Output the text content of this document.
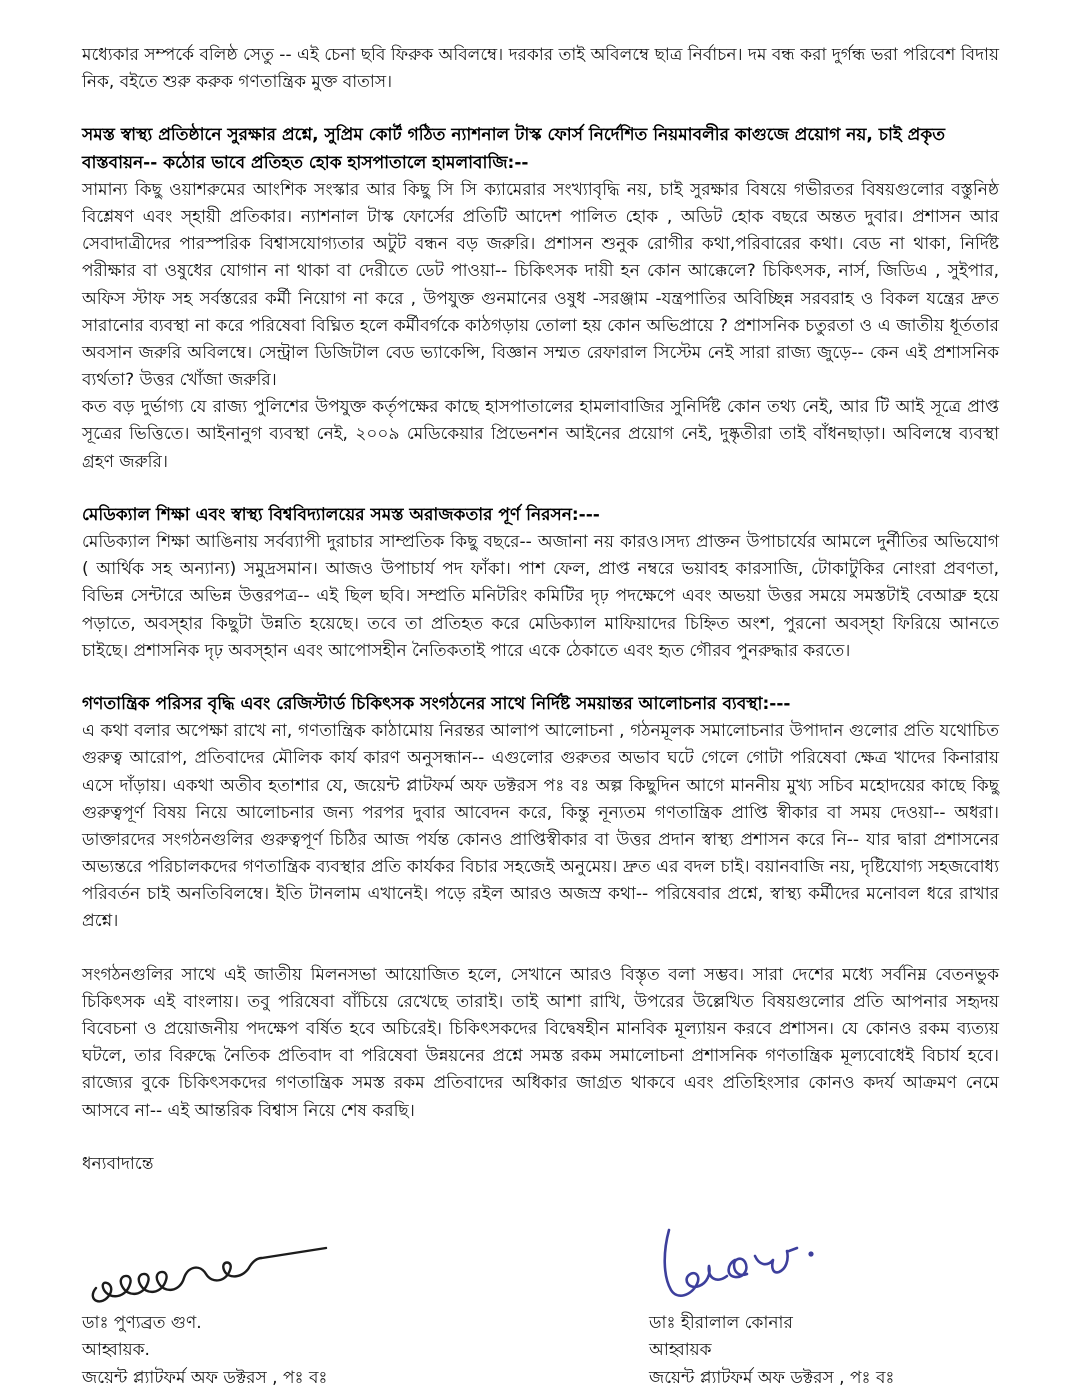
মধ্যেকার সম্পর্কে বলিষ্ঠ সেতু -- এই চেনা ছবি ফিরুক অবিলম্বে। দরকার তাই অবিলম্বে ছাত্র নির্বাচন। দম বন্ধ করা দুর্গন্ধ ভরা পরিবেশ বিদায় নিক, বইতে শুরু করুক গণতান্ত্রিক মুক্ত বাতাস।

সমস্ত স্বাস্থ্য প্রতিষ্ঠানে সুরক্ষার প্রশ্নে, সুপ্রিম কোর্ট গঠিত ন্যাশনাল টাস্ক ফোর্স নির্দেশিত নিয়মাবলীর কাগুজে প্রয়োগ নয়, চাই প্রকৃত বাস্তবায়ন-- কঠোর ভাবে প্রতিহত হোক হাসপাতালে হামলাবাজি:--

সামান্য কিছু ওয়াশরুমের আংশিক সংস্কার আর কিছু সি সি ক্যামেরার সংখ্যাবৃদ্ধি নয়, চাই সুরক্ষার বিষয়ে গভীরতর বিষয়গুলোর বস্তুনিষ্ঠ বিশ্লেষণ এবং স্হায়ী প্রতিকার। ন্যাশনাল টাস্ক ফোর্সের প্রতিটি আদেশ পালিত হোক , অডিট হোক বছরে অন্তত দুবার। প্রশাসন আর সেবাদাত্রীদের পারস্পরিক বিশ্বাসযোগ্যতার অটুট বন্ধন বড় জরুরি। প্রশাসন শুনুক রোগীর কথা,পরিবারের কথা। বেড না থাকা, নির্দিষ্ট পরীক্ষার বা ওষুধের যোগান না থাকা বা দেরীতে ডেট পাওয়া-- চিকিৎসক দায়ী হন কোন আক্কেলে? চিকিৎসক, নার্স, জিডিএ , সুইপার, অফিস স্টাফ সহ সর্বস্তরের কর্মী নিয়োগ না করে , উপযুক্ত গুনমানের ওষুধ -সরঞ্জাম -যন্ত্রপাতির অবিচ্ছিন্ন সরবরাহ ও বিকল যন্ত্রের দ্রুত সারানোর ব্যবস্থা না করে পরিষেবা বিঘ্নিত হলে কর্মীবর্গকে কাঠগড়ায় তোলা হয় কোন অভিপ্রায়ে ? প্রশাসনিক চতুরতা ও এ জাতীয় ধূর্ততার অবসান জরুরি অবিলম্বে। সেন্ট্রাল ডিজিটাল বেড ভ্যাকেন্সি, বিজ্ঞান সম্মত রেফারাল সিস্টেম নেই সারা রাজ্য জুড়ে-- কেন এই প্রশাসনিক ব্যর্থতা? উত্তর খোঁজা জরুরি।

কত বড় দুর্ভাগ্য যে রাজ্য পুলিশের উপযুক্ত কর্তৃপক্ষের কাছে হাসপাতালের হামলাবাজির সুনির্দিষ্ট কোন তথ্য নেই, আর টি আই সূত্রে প্রাপ্ত সূত্রের ভিত্তিতে। আইনানুগ ব্যবস্থা নেই, ২০০৯ মেডিকেয়ার প্রিভেনশন আইনের প্রয়োগ নেই, দুষ্কৃতীরা তাই বাঁধনছাড়া। অবিলম্বে ব্যবস্থা গ্রহণ জরুরি।

মেডিক্যাল শিক্ষা এবং স্বাস্থ্য বিশ্ববিদ্যালয়ের সমস্ত অরাজকতার পূর্ণ নিরসন:---

মেডিক্যাল শিক্ষা আঙিনায় সর্বব্যাপী দুরাচার সাম্প্রতিক কিছু বছরে-- অজানা নয় কারও।সদ্য প্রাক্তন উপাচার্যের আমলে দুর্নীতির অভিযোগ ( আর্থিক সহ অন্যান্য) সমুদ্রসমান। আজও উপাচার্য পদ ফাঁকা। পাশ ফেল, প্রাপ্ত নম্বরে ভয়াবহ কারসাজি, টোকাটুকির নোংরা প্রবণতা, বিভিন্ন সেন্টারে অভিন্ন উত্তরপত্র-- এই ছিল ছবি। সম্প্রতি মনিটরিং কমিটির দৃঢ় পদক্ষেপে এবং অভয়া উত্তর সময়ে সমস্তটাই বেআব্রু হয়ে পড়াতে, অবস্হার কিছুটা উন্নতি হয়েছে। তবে তা প্রতিহত করে মেডিক্যাল মাফিয়াদের চিহ্নিত অংশ, পুরনো অবস্হা ফিরিয়ে আনতে চাইছে। প্রশাসনিক দৃঢ় অবস্হান এবং আপোসহীন নৈতিকতাই পারে একে ঠেকাতে এবং হৃত গৌরব পুনরুদ্ধার করতে।

গণতান্ত্রিক পরিসর বৃদ্ধি এবং রেজিস্টার্ড চিকিৎসক সংগঠনের সাথে নির্দিষ্ট সময়ান্তর আলোচনার ব্যবস্থা:---

এ কথা বলার অপেক্ষা রাখে না, গণতান্ত্রিক কাঠামোয় নিরন্তর আলাপ আলোচনা , গঠনমূলক সমালোচনার উপাদান গুলোর প্রতি যথোচিত গুরুত্ব আরোপ, প্রতিবাদের মৌলিক কার্য কারণ অনুসন্ধান-- এগুলোর গুরুতর অভাব ঘটে গেলে গোটা পরিষেবা ক্ষেত্র খাদের কিনারায় এসে দাঁড়ায়। একথা অতীব হতাশার যে, জয়েন্ট প্লাটফর্ম অফ ডক্টরস পঃ বঃ অল্প কিছুদিন আগে মাননীয় মুখ্য সচিব মহোদয়ের কাছে কিছু গুরুত্বপূর্ণ বিষয় নিয়ে আলোচনার জন্য পরপর দুবার আবেদন করে, কিন্তু নূন্যতম গণতান্ত্রিক প্রাপ্তি স্বীকার বা সময় দেওয়া-- অধরা। ডাক্তারদের সংগঠনগুলির গুরুত্বপূর্ণ চিঠির আজ পর্যন্ত কোনও প্রাপ্তিস্বীকার বা উত্তর প্রদান স্বাস্থ্য প্রশাসন করে নি-- যার দ্বারা প্রশাসনের অভ্যন্তরে পরিচালকদের গণতান্ত্রিক ব্যবস্থার প্রতি কার্যকর বিচার সহজেই অনুমেয়। দ্রুত এর বদল চাই। বয়ানবাজি নয়, দৃষ্টিযোগ্য সহজবোধ্য পরিবর্তন চাই অনতিবিলম্বে। ইতি টানলাম এখানেই। পড়ে রইল আরও অজস্র কথা-- পরিষেবার প্রশ্নে, স্বাস্থ্য কর্মীদের মনোবল ধরে রাখার প্রশ্নে।

সংগঠনগুলির সাথে এই জাতীয় মিলনসভা আয়োজিত হলে, সেখানে আরও বিস্তৃত বলা সম্ভব। সারা দেশের মধ্যে সর্বনিম্ন বেতনভুক চিকিৎসক এই বাংলায়। তবু পরিষেবা বাঁচিয়ে রেখেছে তারাই। তাই আশা রাখি, উপরের উল্লেখিত বিষয়গুলোর প্রতি আপনার সহৃদয় বিবেচনা ও প্রয়োজনীয় পদক্ষেপ বর্ষিত হবে অচিরেই। চিকিৎসকদের বিদ্বেষহীন মানবিক মূল্যায়ন করবে প্রশাসন। যে কোনও রকম ব্যত্যয় ঘটলে, তার বিরুদ্ধে নৈতিক প্রতিবাদ বা পরিষেবা উন্নয়নের প্রশ্নে সমস্ত রকম সমালোচনা প্রশাসনিক গণতান্ত্রিক মূল্যবোধেই বিচার্য হবে। রাজ্যের বুকে চিকিৎসকদের গণতান্ত্রিক সমস্ত রকম প্রতিবাদের অধিকার জাগ্রত থাকবে এবং প্রতিহিংসার কোনও কদর্য আক্রমণ নেমে আসবে না-- এই আন্তরিক বিশ্বাস নিয়ে শেষ করছি।

ধন্যবাদান্তে

ডাঃ পুণ্যব্রত গুণ.
আহ্বায়ক.
জয়েন্ট প্ল্যাটফর্ম অফ ডক্টরস , পঃ বঃ
ডাঃ হীরালাল কোনার
আহ্বায়ক
জয়েন্ট প্ল্যাটফর্ম অফ ডক্টরস , পঃ বঃ
